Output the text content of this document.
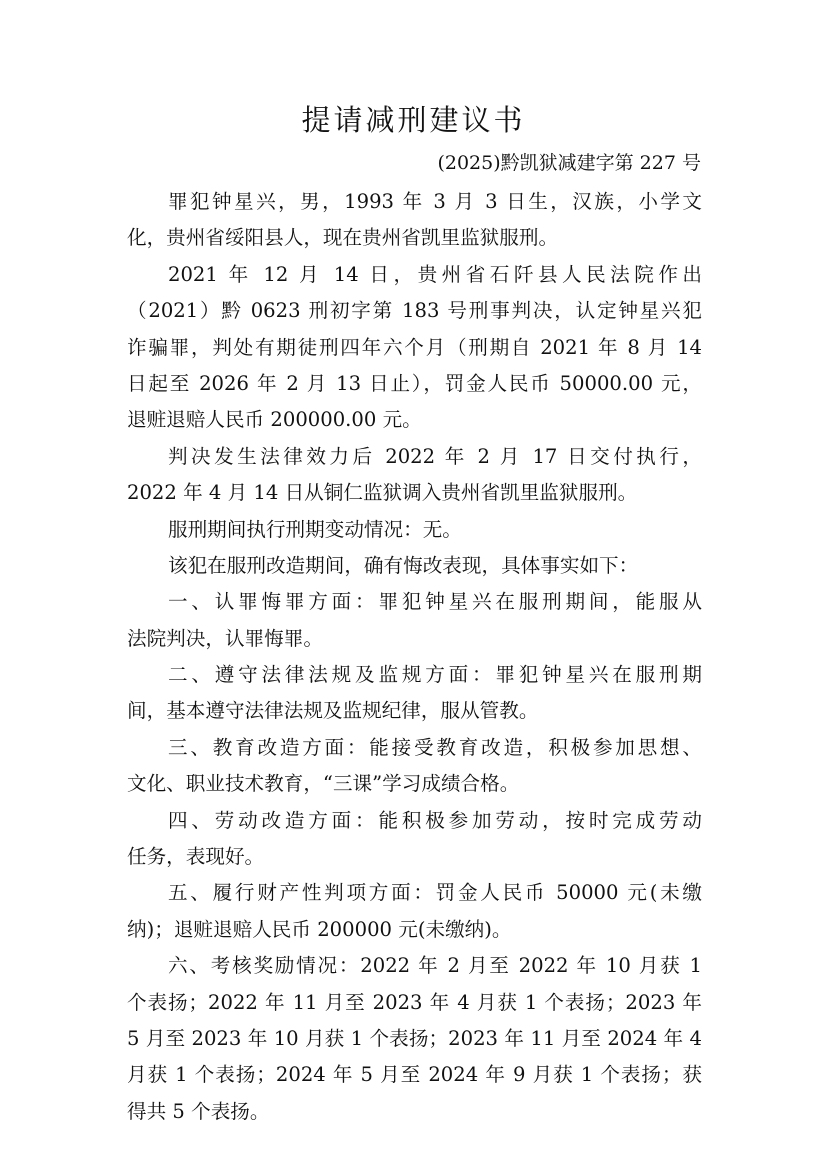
提请减刑建议书
(2025)黔凯狱减建字第 227 号
罪犯钟星兴，男，1993 年 3 月 3 日生，汉族，小学文
化，贵州省绥阳县人，现在贵州省凯里监狱服刑。
2021 年 12 月 14 日，贵州省石阡县人民法院作出
（2021）黔 0623 刑初字第 183 号刑事判决，认定钟星兴犯
诈骗罪，判处有期徒刑四年六个月（刑期自 2021 年 8 月 14
日起至 2026 年 2 月 13 日止），罚金人民币 50000.00 元，
退赃退赔人民币 200000.00 元。
判决发生法律效力后 2022 年 2 月 17 日交付执行，
2022 年 4 月 14 日从铜仁监狱调入贵州省凯里监狱服刑。
服刑期间执行刑期变动情况：无。
该犯在服刑改造期间，确有悔改表现，具体事实如下：
一、认罪悔罪方面：罪犯钟星兴在服刑期间，能服从
法院判决，认罪悔罪。
二、遵守法律法规及监规方面：罪犯钟星兴在服刑期
间，基本遵守法律法规及监规纪律，服从管教。
三、教育改造方面：能接受教育改造，积极参加思想、
文化、职业技术教育，“三课”学习成绩合格。
四、劳动改造方面：能积极参加劳动，按时完成劳动
任务，表现好。
五、履行财产性判项方面：罚金人民币 50000 元(未缴
纳)；退赃退赔人民币 200000 元(未缴纳)。
六、考核奖励情况：2022 年 2 月至 2022 年 10 月获 1
个表扬；2022 年 11 月至 2023 年 4 月获 1 个表扬；2023 年
5 月至 2023 年 10 月获 1 个表扬；2023 年 11 月至 2024 年 4
月获 1 个表扬；2024 年 5 月至 2024 年 9 月获 1 个表扬；获
得共 5 个表扬。
